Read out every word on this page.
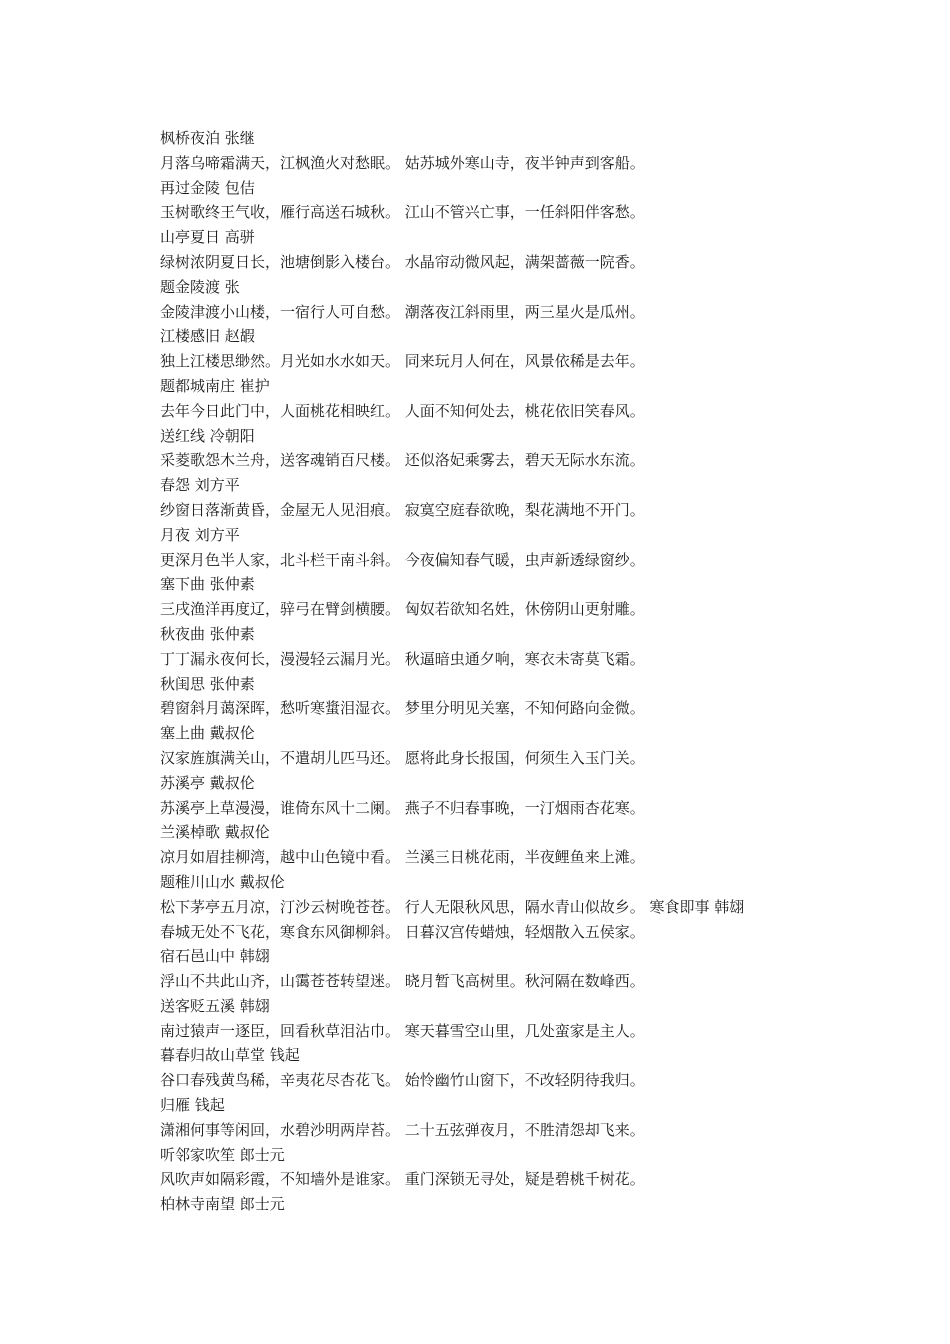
枫桥夜泊 张继
月落乌啼霜满天，江枫渔火对愁眠。 姑苏城外寒山寺，夜半钟声到客船。
再过金陵 包佶
玉树歌终王气收，雁行高送石城秋。 江山不管兴亡事，一任斜阳伴客愁。
山亭夏日 高骈
绿树浓阴夏日长，池塘倒影入楼台。 水晶帘动微风起，满架蔷薇一院香。
题金陵渡 张
金陵津渡小山楼，一宿行人可自愁。 潮落夜江斜雨里，两三星火是瓜州。
江楼感旧 赵嘏
独上江楼思缈然。月光如水水如天。 同来玩月人何在，风景依稀是去年。
题都城南庄 崔护
去年今日此门中，人面桃花相映红。 人面不知何处去，桃花依旧笑春风。
送红线 冷朝阳
采菱歌怨木兰舟，送客魂销百尺楼。 还似洛妃乘雾去，碧天无际水东流。
春怨 刘方平
纱窗日落渐黄昏，金屋无人见泪痕。 寂寞空庭春欲晚，梨花满地不开门。
月夜 刘方平
更深月色半人家，北斗栏干南斗斜。 今夜偏知春气暖，虫声新透绿窗纱。
塞下曲 张仲素
三戌渔洋再度辽，骍弓在臂剑横腰。 匈奴若欲知名姓，休傍阴山更射雕。
秋夜曲 张仲素
丁丁漏永夜何长，漫漫轻云漏月光。 秋逼暗虫通夕响，寒衣未寄莫飞霜。
秋闺思 张仲素
碧窗斜月蔼深晖，愁听寒螀泪湿衣。 梦里分明见关塞，不知何路向金微。
塞上曲 戴叔伦
汉家旌旗满关山，不遣胡儿匹马还。 愿将此身长报国，何须生入玉门关。
苏溪亭 戴叔伦
苏溪亭上草漫漫，谁倚东风十二阑。 燕子不归春事晚，一汀烟雨杏花寒。
兰溪棹歌 戴叔伦
凉月如眉挂柳湾，越中山色镜中看。 兰溪三日桃花雨，半夜鲤鱼来上滩。
题稚川山水 戴叔伦
松下茅亭五月凉，汀沙云树晚苍苍。 行人无限秋风思，隔水青山似故乡。 寒食即事 韩翃
春城无处不飞花，寒食东风御柳斜。 日暮汉宫传蜡烛，轻烟散入五侯家。
宿石邑山中 韩翃
浮山不共此山齐，山霭苍苍转望迷。 晓月暂飞高树里。秋河隔在数峰西。
送客贬五溪 韩翃
南过猿声一逐臣，回看秋草泪沾巾。 寒天暮雪空山里，几处蛮家是主人。
暮春归故山草堂 钱起
谷口春残黄鸟稀，辛夷花尽杏花飞。 始怜幽竹山窗下，不改轻阴待我归。
归雁 钱起
潇湘何事等闲回，水碧沙明两岸苔。 二十五弦弹夜月，不胜清怨却飞来。
听邻家吹笙 郎士元
风吹声如隔彩霞，不知墙外是谁家。 重门深锁无寻处，疑是碧桃千树花。
柏林寺南望 郎士元
